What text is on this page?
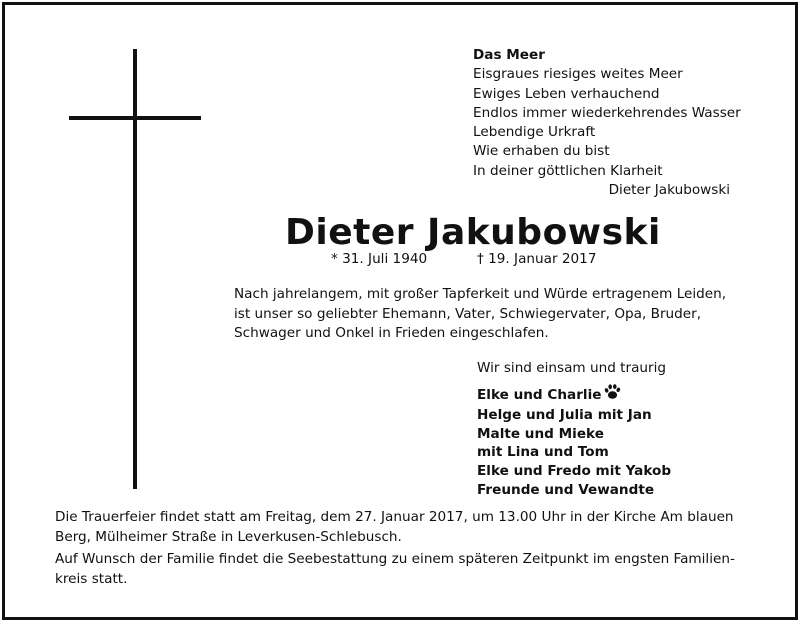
Das Meer
Eisgraues riesiges weites Meer
Ewiges Leben verhauchend
Endlos immer wiederkehrendes Wasser
Lebendige Urkraft
Wie erhaben du bist
In deiner göttlichen Klarheit
Dieter Jakubowski
Dieter Jakubowski
* 31. Juli 1940	† 19. Januar 2017
Nach jahrelangem, mit großer Tapferkeit und Würde ertragenem Leiden,
ist unser so geliebter Ehemann, Vater, Schwiegervater, Opa, Bruder,
Schwager und Onkel in Frieden eingeschlafen.
Wir sind einsam und traurig
Elke und Charlie
Helge und Julia mit Jan
Malte und Mieke
mit Lina und Tom
Elke und Fredo mit Yakob
Freunde und Vewandte
Die Trauerfeier findet statt am Freitag, dem 27. Januar 2017, um 13.00 Uhr in der Kirche Am blauen
Berg, Mülheimer Straße in Leverkusen-Schlebusch.
Auf Wunsch der Familie findet die Seebestattung zu einem späteren Zeitpunkt im engsten Familien-
kreis statt.
